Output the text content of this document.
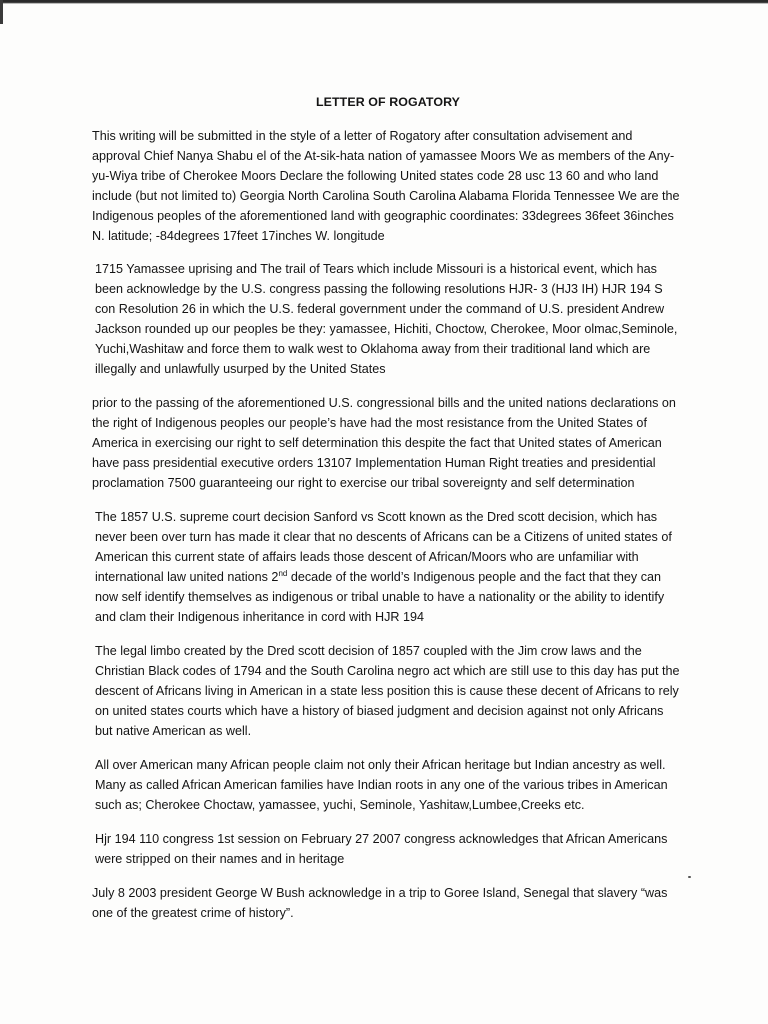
LETTER OF ROGATORY

This writing will be submitted in the style of a letter of Rogatory after consultation advisement and approval Chief Nanya Shabu el of the At-sik-hata nation of yamassee Moors We as members of the Any-yu-Wiya tribe of Cherokee Moors Declare the following United states code 28 usc 13 60 and who land include (but not limited to) Georgia North Carolina South Carolina Alabama Florida Tennessee We are the Indigenous peoples of the aforementioned land with geographic coordinates: 33degrees 36feet 36inches N. latitude; -84degrees 17feet 17inches W. longitude

1715 Yamassee uprising and The trail of Tears which include Missouri is a historical event, which has been acknowledge by the U.S. congress passing the following resolutions HJR- 3 (HJ3 IH) HJR 194 S con Resolution 26 in which the U.S. federal government under the command of U.S. president Andrew Jackson rounded up our peoples be they: yamassee, Hichiti, Choctow, Cherokee, Moor olmac,Seminole, Yuchi,Washitaw and force them to walk west to Oklahoma away from their traditional land which are illegally and unlawfully usurped by the United States

prior to the passing of the aforementioned U.S. congressional bills and the united nations declarations on the right of Indigenous peoples our people’s have had the most resistance from the United States of America in exercising our right to self determination this despite the fact that United states of American have pass presidential executive orders 13107 Implementation Human Right treaties and presidential proclamation 7500 guaranteeing our right to exercise our tribal sovereignty and self determination

The 1857 U.S. supreme court decision Sanford vs Scott known as the Dred scott decision, which has never been over turn has made it clear that no descents of Africans can be a Citizens of united states of American this current state of affairs leads those descent of African/Moors who are unfamiliar with international law united nations 2nd decade of the world’s Indigenous people and the fact that they can now self identify themselves as indigenous or tribal unable to have a nationality or the ability to identify and clam their Indigenous inheritance in cord with HJR 194

The legal limbo created by the Dred scott decision of 1857 coupled with the Jim crow laws and the Christian Black codes of 1794 and the South Carolina negro act which are still use to this day has put the descent of Africans living in American in a state less position this is cause these decent of Africans to rely on united states courts which have a history of biased judgment and decision against not only Africans but native American as well.

All over American many African people claim not only their African heritage but Indian ancestry as well. Many as called African American families have Indian roots in any one of the various tribes in American such as; Cherokee Choctaw, yamassee, yuchi, Seminole, Yashitaw,Lumbee,Creeks etc.

Hjr 194 110 congress 1st session on February 27 2007 congress acknowledges that African Americans were stripped on their names and in heritage

July 8 2003 president George W Bush acknowledge in a trip to Goree Island, Senegal that slavery “was one of the greatest crime of history”.
